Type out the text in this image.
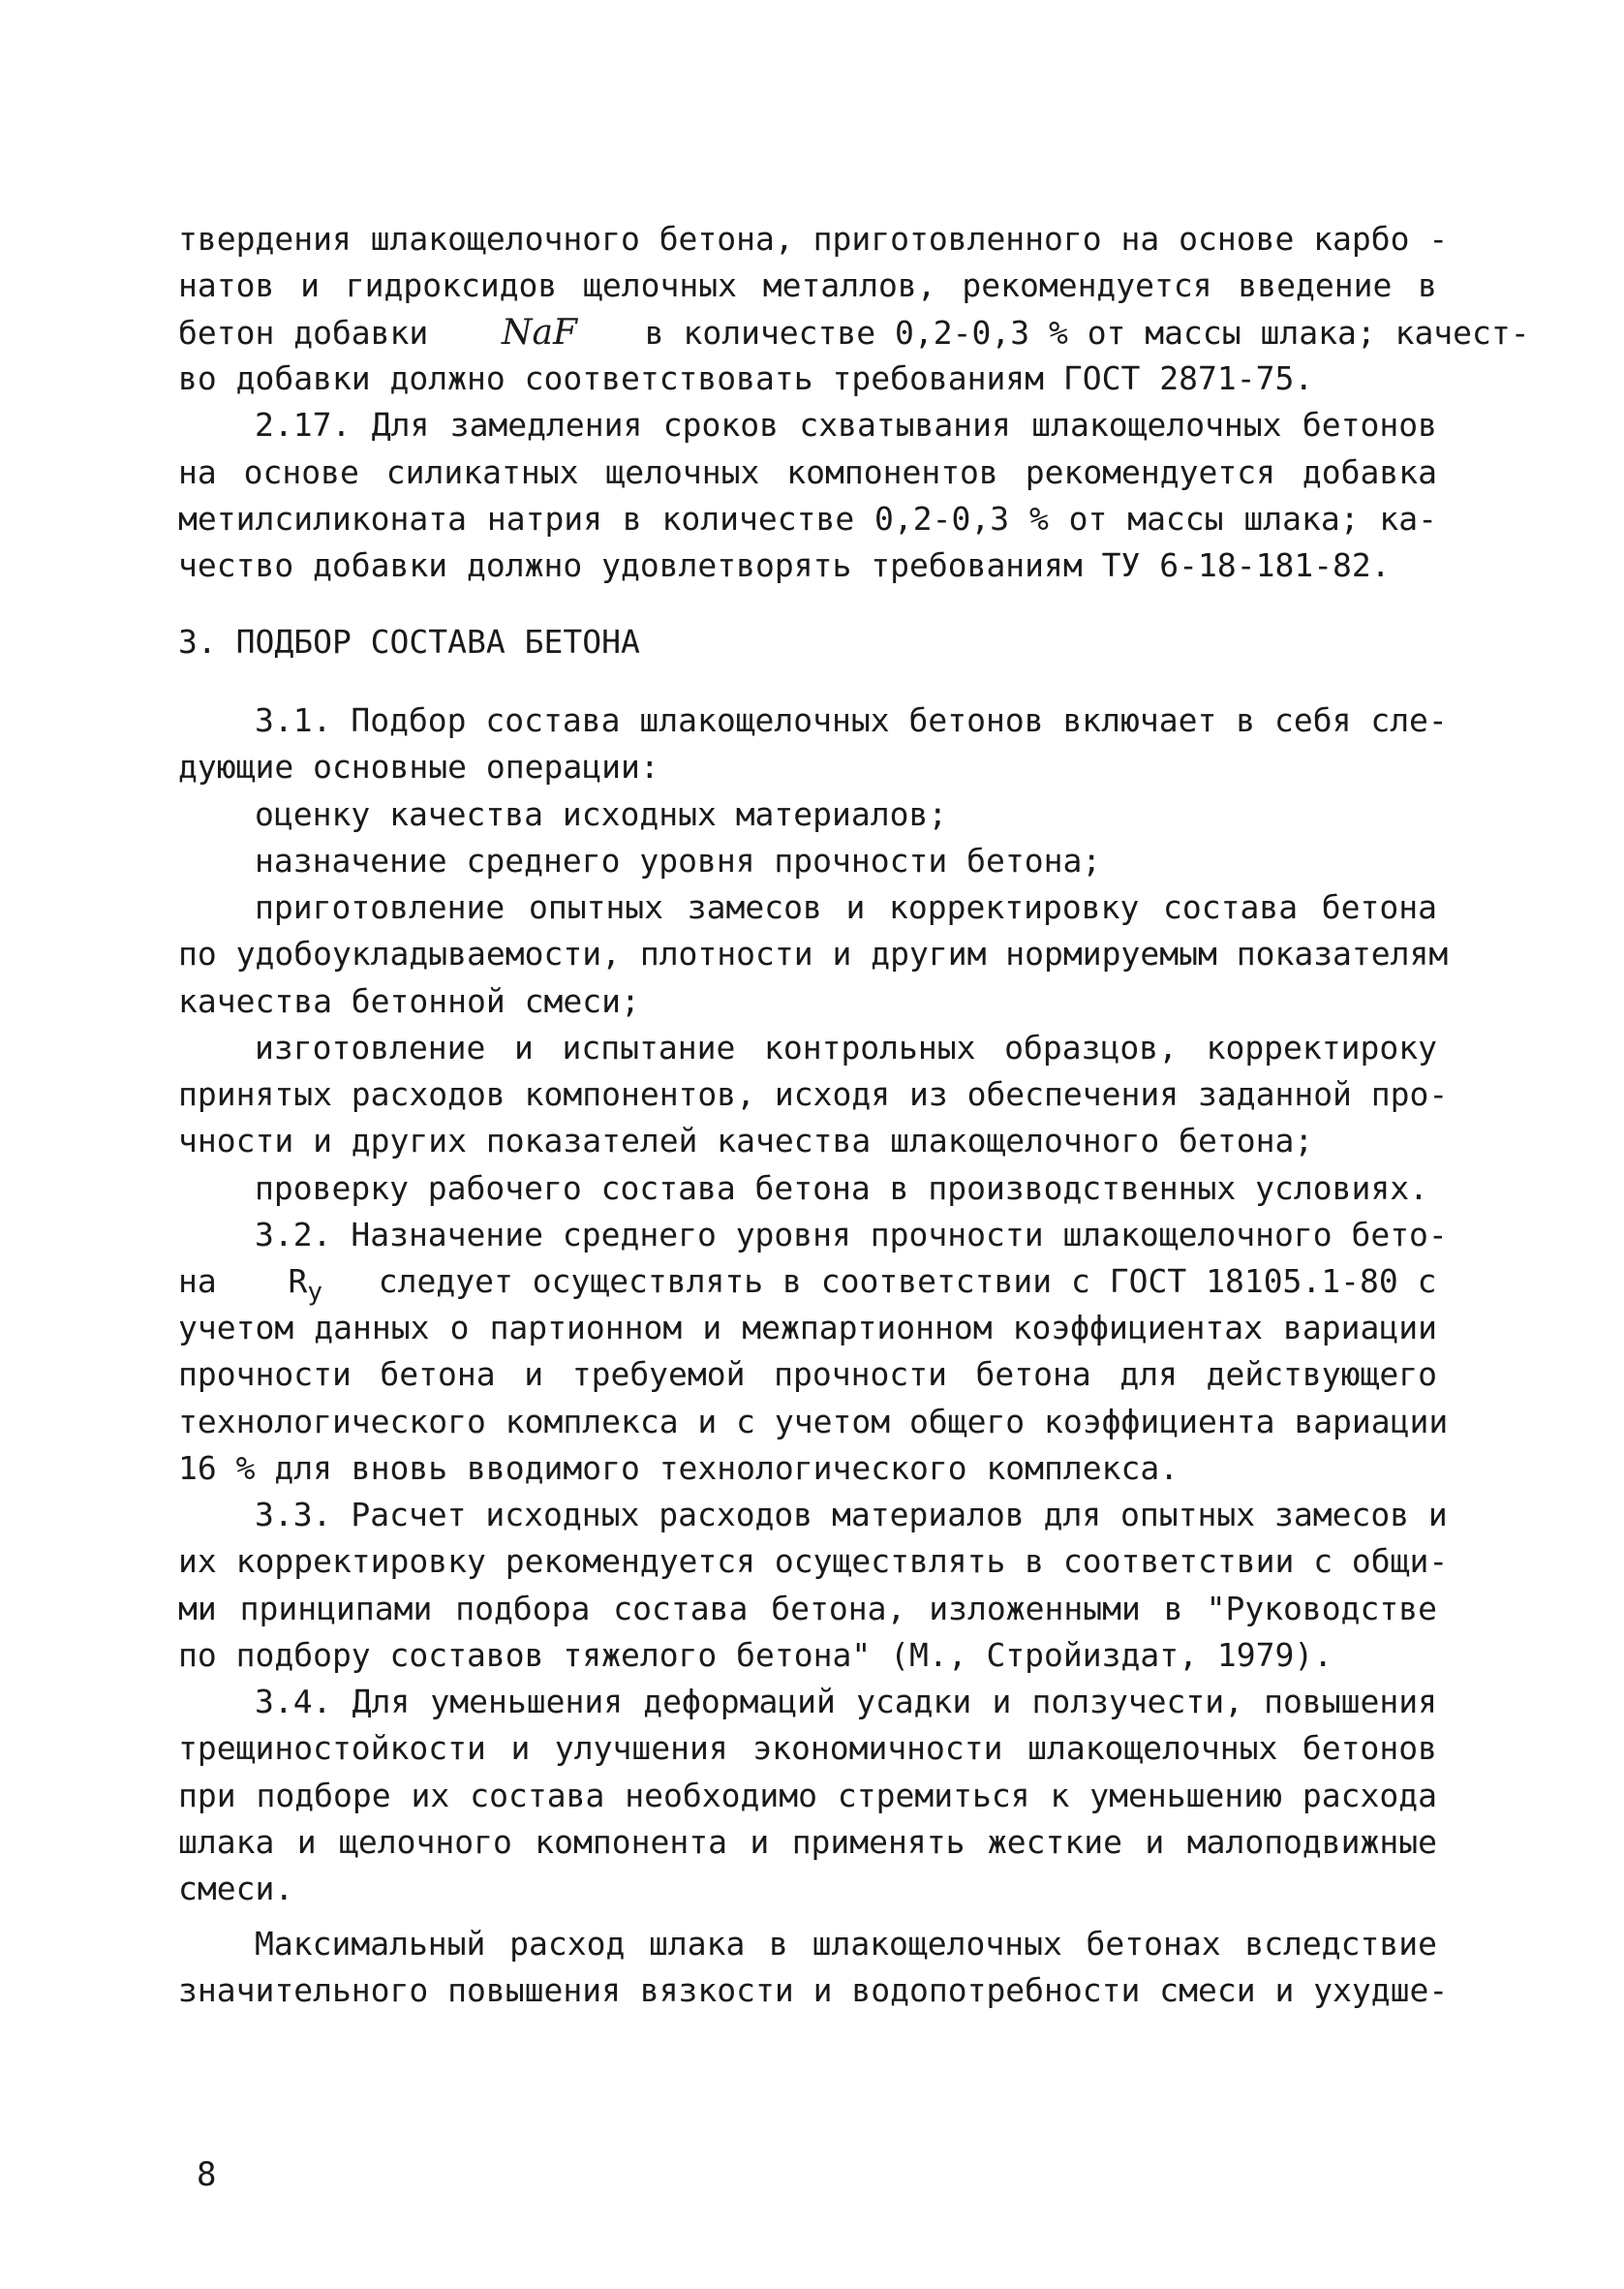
твердения шлакощелочного бетона, приготовленного на основе карбо -
натов и гидроксидов щелочных металлов, рекомендуется введение в
бетон добавки NaF в количестве 0,2-0,3 % от массы шлака; качест-
во добавки должно соответствовать требованиям ГОСТ 2871-75.
2.17. Для замедления сроков схватывания шлакощелочных бетонов
на основе силикатных щелочных компонентов рекомендуется добавка
метилсиликоната натрия в количестве 0,2-0,3 % от массы шлака; ка-
чество добавки должно удовлетворять требованиям ТУ 6-18-181-82.
3. ПОДБОР СОСТАВА БЕТОНА
3.1. Подбор состава шлакощелочных бетонов включает в себя сле-
дующие основные операции:
оценку качества исходных материалов;
назначение среднего уровня прочности бетона;
приготовление опытных замесов и корректировку состава бетона
по удобоукладываемости, плотности и другим нормируемым показателям
качества бетонной смеси;
изготовление и испытание контрольных образцов, корректироку
принятых расходов компонентов, исходя из обеспечения заданной про-
чности и других показателей качества шлакощелочного бетона;
проверку рабочего состава бетона в производственных условиях.
3.2. Назначение среднего уровня прочности шлакощелочного бето-
на $R_у$ следует осуществлять в соответствии с ГОСТ 18105.1-80 с
учетом данных о партионном и межпартионном коэффициентах вариации
прочности бетона и требуемой прочности бетона для действующего
технологического комплекса и с учетом общего коэффициента вариации
16 % для вновь вводимого технологического комплекса.
3.3. Расчет исходных расходов материалов для опытных замесов и
их корректировку рекомендуется осуществлять в соответствии с общи-
ми принципами подбора состава бетона, изложенными в "Руководстве
по подбору составов тяжелого бетона" (М., Стройиздат, 1979).
3.4. Для уменьшения деформаций усадки и ползучести, повышения
трещиностойкости и улучшения экономичности шлакощелочных бетонов
при подборе их состава необходимо стремиться к уменьшению расхода
шлака и щелочного компонента и применять жесткие и малоподвижные
смеси.
Максимальный расход шлака в шлакощелочных бетонах вследствие
значительного повышения вязкости и водопотребности смеси и ухудше-
8
